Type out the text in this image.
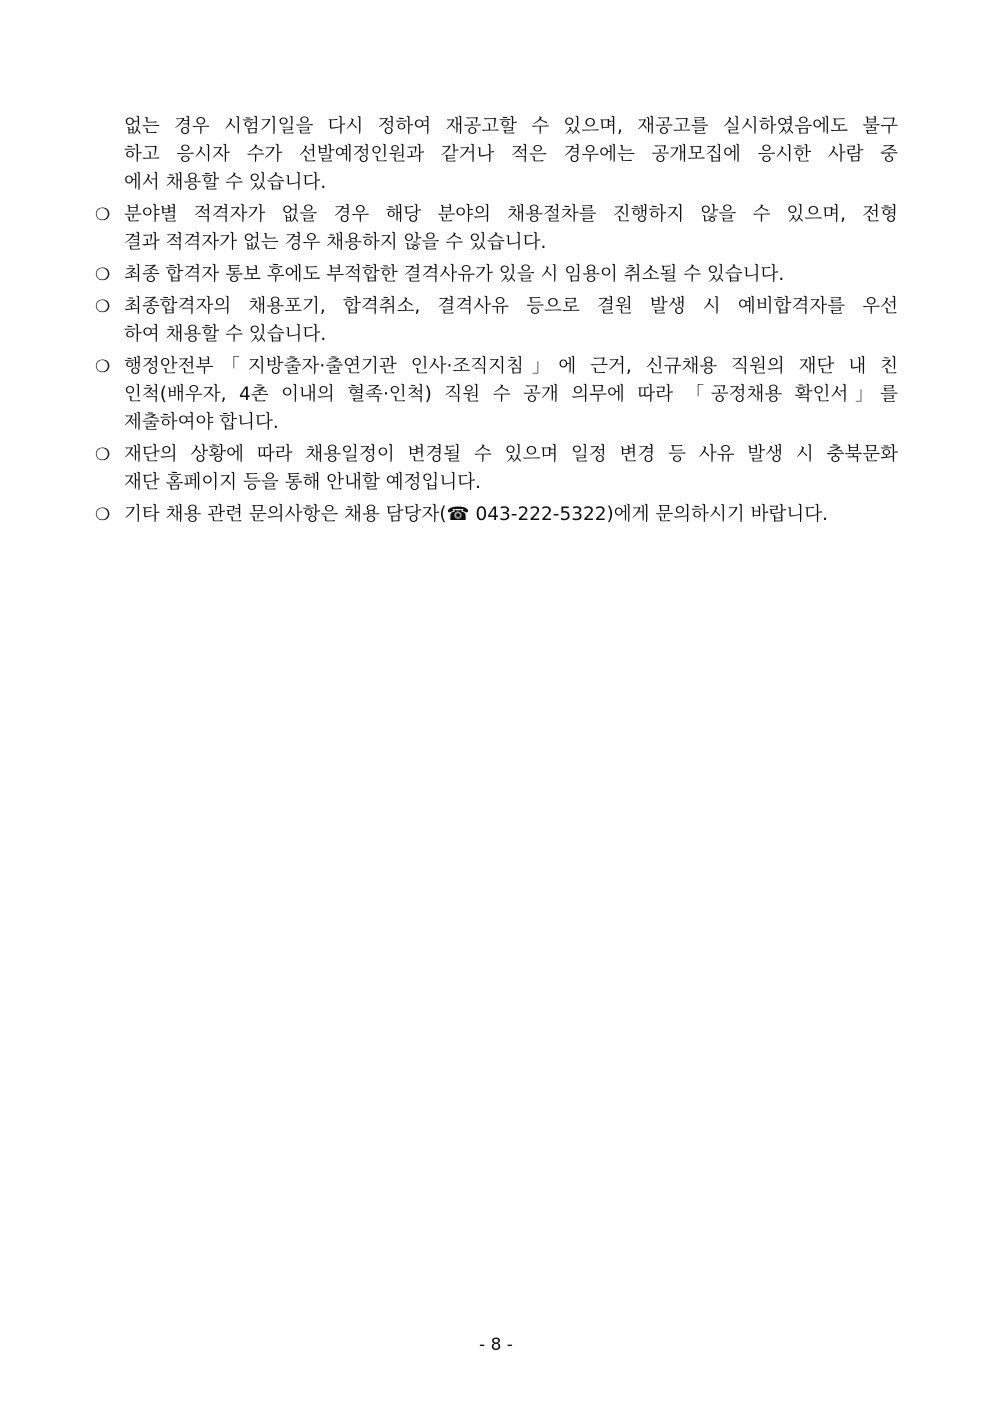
없는 경우 시험기일을 다시 정하여 재공고할 수 있으며, 재공고를 실시하였음에도 불구
하고 응시자 수가 선발예정인원과 같거나 적은 경우에는 공개모집에 응시한 사람 중
에서 채용할 수 있습니다.
❍ 분야별 적격자가 없을 경우 해당 분야의 채용절차를 진행하지 않을 수 있으며, 전형
결과 적격자가 없는 경우 채용하지 않을 수 있습니다.
❍ 최종 합격자 통보 후에도 부적합한 결격사유가 있을 시 임용이 취소될 수 있습니다.
❍ 최종합격자의 채용포기, 합격취소, 결격사유 등으로 결원 발생 시 예비합격자를 우선
하여 채용할 수 있습니다.
❍ 행정안전부「지방출자·출연기관 인사·조직지침」에 근거, 신규채용 직원의 재단 내 친
인척(배우자, 4촌 이내의 혈족·인척) 직원 수 공개 의무에 따라 「공정채용 확인서」를
제출하여야 합니다.
❍ 재단의 상황에 따라 채용일정이 변경될 수 있으며 일정 변경 등 사유 발생 시 충북문화
재단 홈페이지 등을 통해 안내할 예정입니다.
❍ 기타 채용 관련 문의사항은 채용 담당자(☎ 043-222-5322)에게 문의하시기 바랍니다.
- 8 -
